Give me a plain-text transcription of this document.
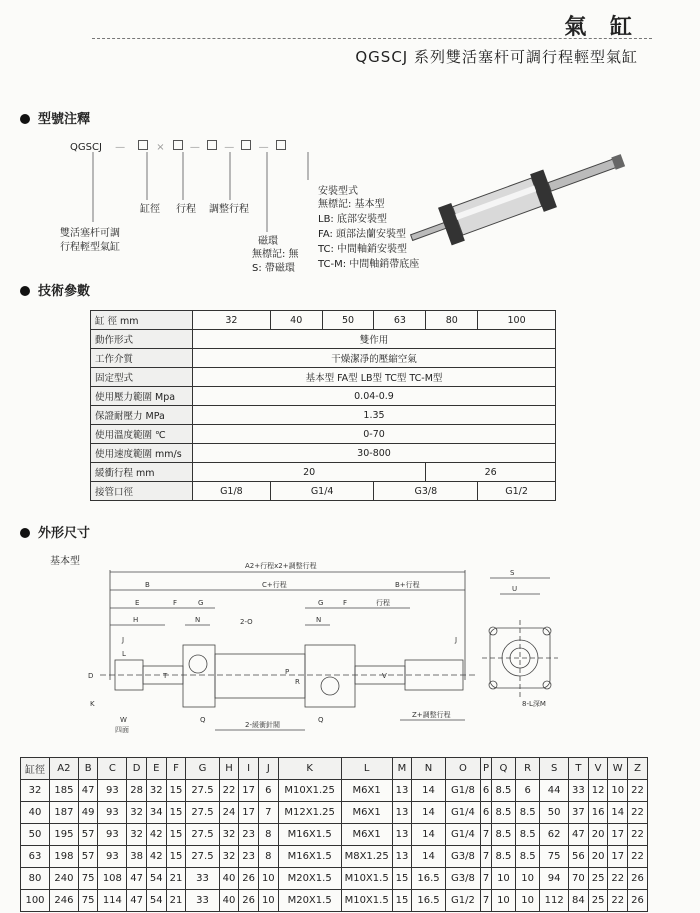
氣 缸
QGSCJ 系列雙活塞杆可調行程輕型氣缸
型號注釋
QGSCJ —	×	— — —
缸徑 行程 調整行程
雙活塞杆可調
行程輕型氣缸
磁環
無標記: 無
S: 帶磁環
安裝型式
無標記: 基本型
LB: 底部安裝型
FA: 頭部法蘭安裝型
TC: 中間軸銷安裝型
TC-M: 中間軸銷帶底座
技術參數
缸 徑 mm	32	40	50	63	80	100
動作形式	雙作用					
工作介質	干燥潔凈的壓縮空氣					
固定型式	基本型 FA型 LB型 TC型 TC-M型					
使用壓力範圍 Mpa	0.04-0.9					
保證耐壓力 MPa	1.35					
使用溫度範圍 ℃	0-70					
使用速度範圍 mm/s	30-800					
緩衝行程 mm	20				26	
接管口徑	G1/8	G1/4		G3/8		G1/2
外形尺寸
基本型	A2+行程x2+調整行程
B	C+行程	B+行程
E	F	G	G	F	行程
H	N	N
2-O
J	J
L
K
W
四面
D	T	P
R
V
Q	Q
2-緩衝針閥
Z+調整行程
S
U
8-L深M
缸徑	A2	B	C	D	E	F	G	H	I	J	K	L	M	N	O	P	Q	R	S	T	V	W	Z
32	185	47	93	28	32	15	27.5	22	17	6	M10X1.25	M6X1	13	14	G1/8	6	8.5	6	44	33	12	10	22
40	187	49	93	32	34	15	27.5	24	17	7	M12X1.25	M6X1	13	14	G1/4	6	8.5	8.5	50	37	16	14	22
50	195	57	93	32	42	15	27.5	32	23	8	M16X1.5	M6X1	13	14	G1/4	7	8.5	8.5	62	47	20	17	22
63	198	57	93	38	42	15	27.5	32	23	8	M16X1.5	M8X1.25	13	14	G3/8	7	8.5	8.5	75	56	20	17	22
80	240	75	108	47	54	21	33	40	26	10	M20X1.5	M10X1.5	15	16.5	G3/8	7	10	10	94	70	25	22	26
100	246	75	114	47	54	21	33	40	26	10	M20X1.5	M10X1.5	15	16.5	G1/2	7	10	10	112	84	25	22	26
